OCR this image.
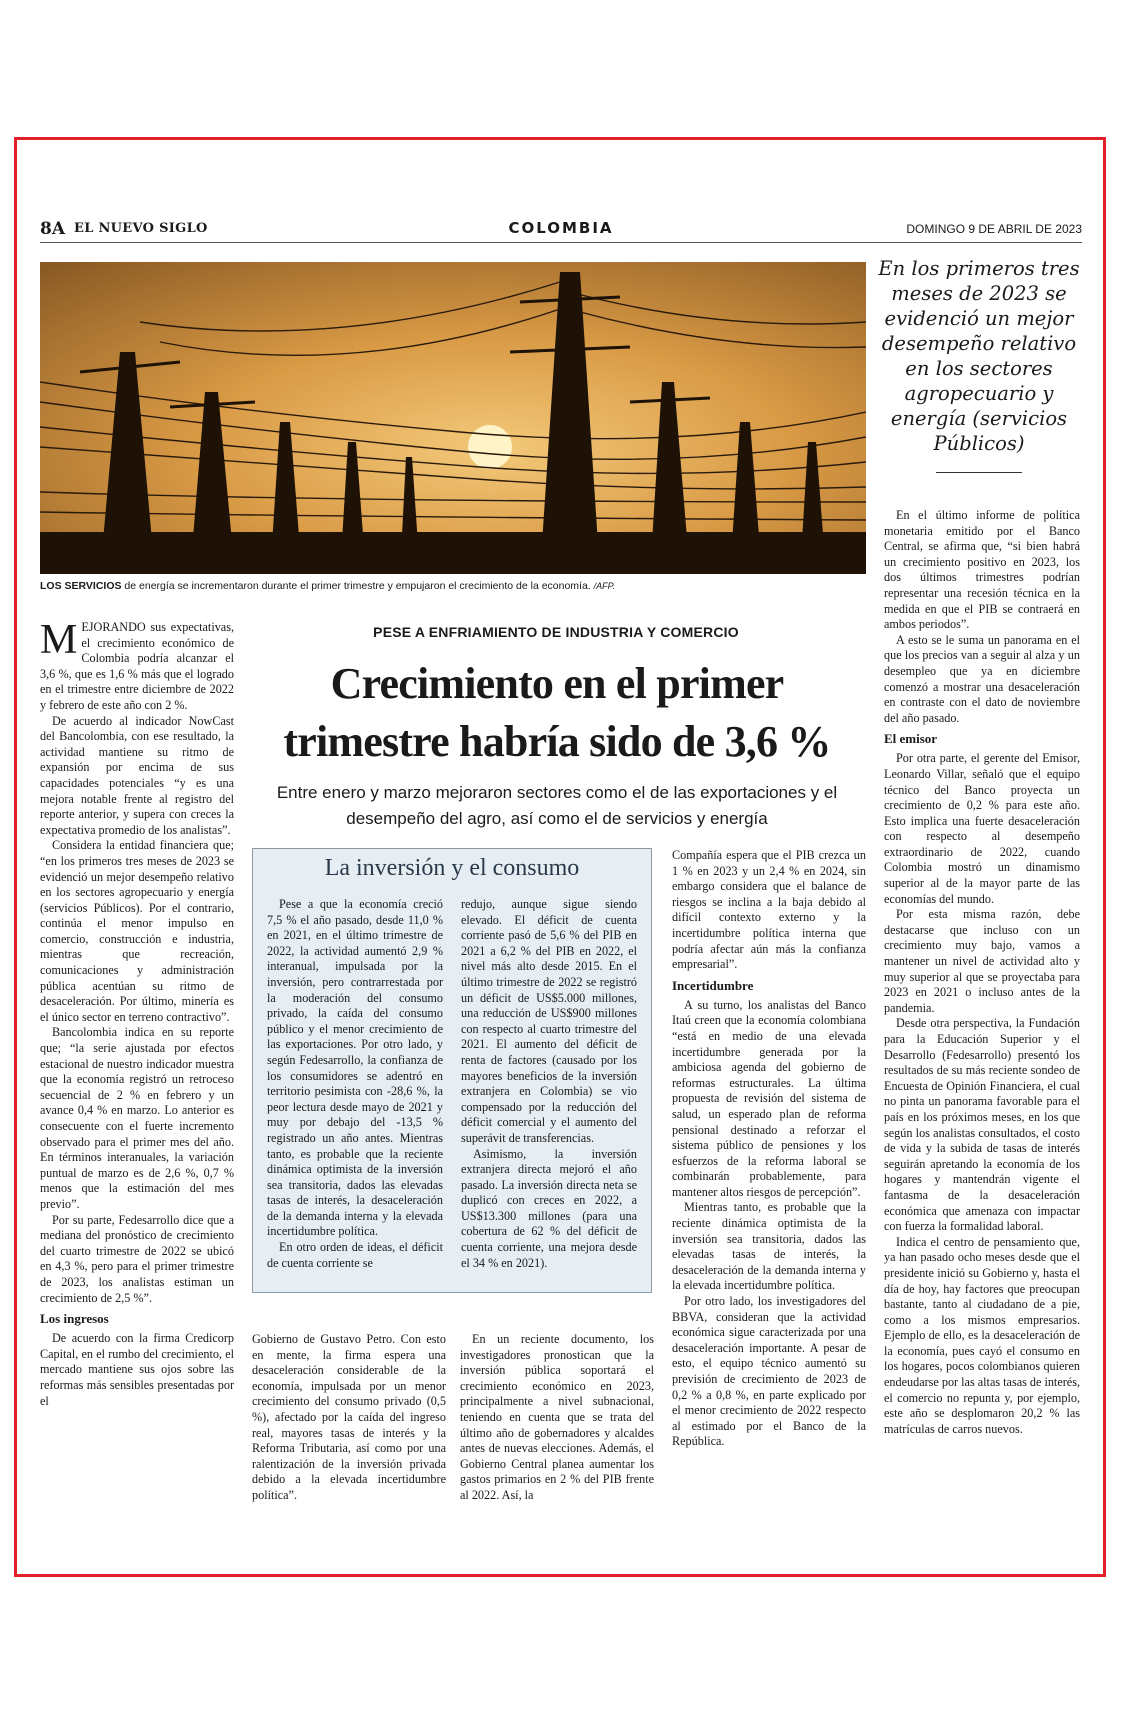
8A EL NUEVO SIGLO	COLOMBIA	DOMINGO 9 DE ABRIL DE 2023
LOS SERVICIOS de energía se incrementaron durante el primer trimestre y empujaron el crecimiento de la economía. /AFP.
En los primeros tres meses de 2023 se evidenció un mejor desempeño relativo en los sectores agropecuario y energía (servicios Públicos)
PESE A ENFRIAMIENTO DE INDUSTRIA Y COMERCIO
Crecimiento en el primer trimestre habría sido de 3,6 %
Entre enero y marzo mejoraron sectores como el de las exportaciones y el desempeño del agro, así como el de servicios y energía

MEJORANDO sus expectativas, el crecimiento económico de Colombia podría alcanzar el 3,6 %, que es 1,6 % más que el logrado en el trimestre entre diciembre de 2022 y febrero de este año con 2 %.

De acuerdo al indicador NowCast del Bancolombia, con ese resultado, la actividad mantiene su ritmo de expansión por encima de sus capacidades potenciales “y es una mejora notable frente al registro del reporte anterior, y supera con creces la expectativa promedio de los analistas”.

Considera la entidad financiera que; “en los primeros tres meses de 2023 se evidenció un mejor desempeño relativo en los sectores agropecuario y energía (servicios Públicos). Por el contrario, continúa el menor impulso en comercio, construcción e industria, mientras que recreación, comunicaciones y administración pública acentúan su ritmo de desaceleración. Por último, minería es el único sector en terreno contractivo”.

Bancolombia indica en su reporte que; “la serie ajustada por efectos estacional de nuestro indicador muestra que la economía registró un retroceso secuencial de 2 % en febrero y un avance 0,4 % en marzo. Lo anterior es consecuente con el fuerte incremento observado para el primer mes del año. En términos interanuales, la variación puntual de marzo es de 2,6 %, 0,7 % menos que la estimación del mes previo”.

Por su parte, Fedesarrollo dice que a mediana del pronóstico de crecimiento del cuarto trimestre de 2022 se ubicó en 4,3 %, pero para el primer trimestre de 2023, los analistas estiman un crecimiento de 2,5 %”.

Los ingresos

De acuerdo con la firma Credicorp Capital, en el rumbo del crecimiento, el mercado mantiene sus ojos sobre las reformas más sensibles presentadas por el

La inversión y el consumo

Pese a que la economía creció 7,5 % el año pasado, desde 11,0 % en 2021, en el último trimestre de 2022, la actividad aumentó 2,9 % interanual, impulsada por la inversión, pero contrarrestada por la moderación del consumo privado, la caída del consumo público y el menor crecimiento de las exportaciones. Por otro lado, y según Fedesarrollo, la confianza de los consumidores se adentró en territorio pesimista con -28,6 %, la peor lectura desde mayo de 2021 y muy por debajo del -13,5 % registrado un año antes. Mientras tanto, es probable que la reciente dinámica optimista de la inversión sea transitoria, dados las elevadas tasas de interés, la desaceleración de la demanda interna y la elevada incertidumbre política.

En otro orden de ideas, el déficit de cuenta corriente se

redujo, aunque sigue siendo elevado. El déficit de cuenta corriente pasó de 5,6 % del PIB en 2021 a 6,2 % del PIB en 2022, el nivel más alto desde 2015. En el último trimestre de 2022 se registró un déficit de US$5.000 millones, una reducción de US$900 millones con respecto al cuarto trimestre del 2021. El aumento del déficit de renta de factores (causado por los mayores beneficios de la inversión extranjera en Colombia) se vio compensado por la reducción del déficit comercial y el aumento del superávit de transferencias.

Asimismo, la inversión extranjera directa mejoró el año pasado. La inversión directa neta se duplicó con creces en 2022, a US$13.300 millones (para una cobertura de 62 % del déficit de cuenta corriente, una mejora desde el 34 % en 2021).

Gobierno de Gustavo Petro. Con esto en mente, la firma espera una desaceleración considerable de la economía, impulsada por un menor crecimiento del consumo privado (0,5 %), afectado por la caída del ingreso real, mayores tasas de interés y la Reforma Tributaria, así como por una ralentización de la inversión privada debido a la elevada incertidumbre política”.

En un reciente documento, los investigadores pronostican que la inversión pública soportará el crecimiento económico en 2023, principalmente a nivel subnacional, teniendo en cuenta que se trata del último año de gobernadores y alcaldes antes de nuevas elecciones. Además, el Gobierno Central planea aumentar los gastos primarios en 2 % del PIB frente al 2022. Así, la

Compañía espera que el PIB crezca un 1 % en 2023 y un 2,4 % en 2024, sin embargo considera que el balance de riesgos se inclina a la baja debido al difícil contexto externo y la incertidumbre política interna que podría afectar aún más la confianza empresarial”.

Incertidumbre

A su turno, los analistas del Banco Itaú creen que la economía colombiana “está en medio de una elevada incertidumbre generada por la ambiciosa agenda del gobierno de reformas estructurales. La última propuesta de revisión del sistema de salud, un esperado plan de reforma pensional destinado a reforzar el sistema público de pensiones y los esfuerzos de la reforma laboral se combinarán probablemente, para mantener altos riesgos de percepción”.

Mientras tanto, es probable que la reciente dinámica optimista de la inversión sea transitoria, dados las elevadas tasas de interés, la desaceleración de la demanda interna y la elevada incertidumbre política.

Por otro lado, los investigadores del BBVA, consideran que la actividad económica sigue caracterizada por una desaceleración importante. A pesar de esto, el equipo técnico aumentó su previsión de crecimiento de 2023 de 0,2 % a 0,8 %, en parte explicado por el menor crecimiento de 2022 respecto al estimado por el Banco de la República.

En el último informe de política monetaria emitido por el Banco Central, se afirma que, “si bien habrá un crecimiento positivo en 2023, los dos últimos trimestres podrían representar una recesión técnica en la medida en que el PIB se contraerá en ambos periodos”.

A esto se le suma un panorama en el que los precios van a seguir al alza y un desempleo que ya en diciembre comenzó a mostrar una desaceleración en contraste con el dato de noviembre del año pasado.

El emisor

Por otra parte, el gerente del Emisor, Leonardo Villar, señaló que el equipo técnico del Banco proyecta un crecimiento de 0,2 % para este año. Esto implica una fuerte desaceleración con respecto al desempeño extraordinario de 2022, cuando Colombia mostró un dinamismo superior al de la mayor parte de las economías del mundo.

Por esta misma razón, debe destacarse que incluso con un crecimiento muy bajo, vamos a mantener un nivel de actividad alto y muy superior al que se proyectaba para 2023 en 2021 o incluso antes de la pandemia.

Desde otra perspectiva, la Fundación para la Educación Superior y el Desarrollo (Fedesarrollo) presentó los resultados de su más reciente sondeo de Encuesta de Opinión Financiera, el cual no pinta un panorama favorable para el país en los próximos meses, en los que según los analistas consultados, el costo de vida y la subida de tasas de interés seguirán apretando la economía de los hogares y mantendrán vigente el fantasma de la desaceleración económica que amenaza con impactar con fuerza la formalidad laboral.

Indica el centro de pensamiento que, ya han pasado ocho meses desde que el presidente inició su Gobierno y, hasta el día de hoy, hay factores que preocupan bastante, tanto al ciudadano de a pie, como a los mismos empresarios. Ejemplo de ello, es la desaceleración de la economía, pues cayó el consumo en los hogares, pocos colombianos quieren endeudarse por las altas tasas de interés, el comercio no repunta y, por ejemplo, este año se desplomaron 20,2 % las matrículas de carros nuevos.
